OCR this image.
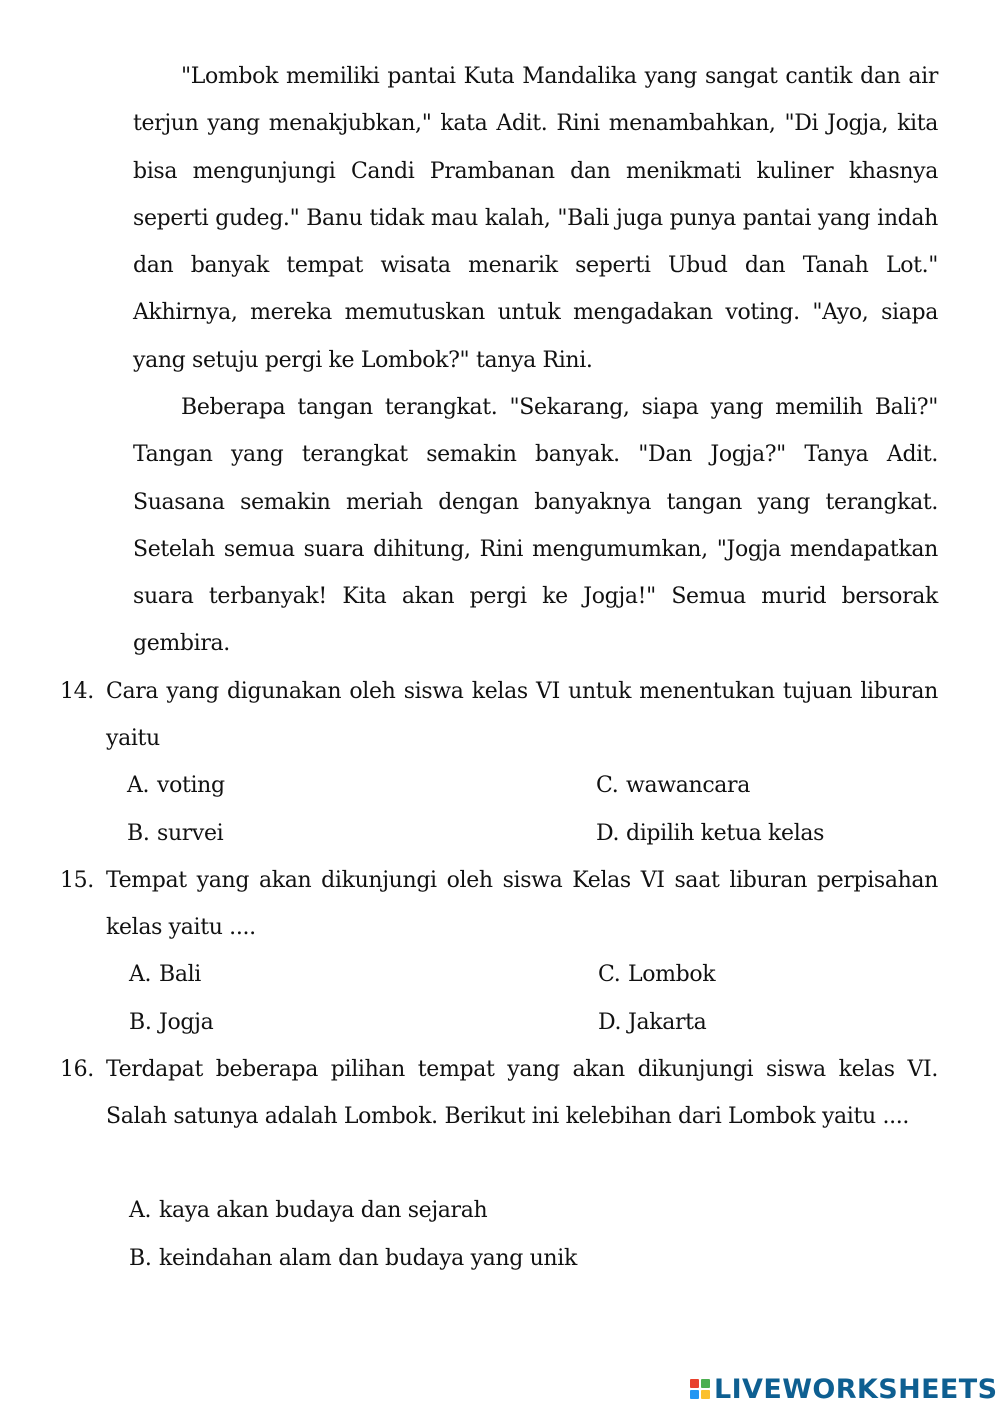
"Lombok memiliki pantai Kuta Mandalika yang sangat cantik dan air terjun yang menakjubkan," kata Adit. Rini menambahkan, "Di Jogja, kita bisa mengunjungi Candi Prambanan dan menikmati kuliner khasnya seperti gudeg." Banu tidak mau kalah, "Bali juga punya pantai yang indah dan banyak tempat wisata menarik seperti Ubud dan Tanah Lot." Akhirnya, mereka memutuskan untuk mengadakan voting. "Ayo, siapa yang setuju pergi ke Lombok?" tanya Rini.

Beberapa tangan terangkat. "Sekarang, siapa yang memilih Bali?" Tangan yang terangkat semakin banyak. "Dan Jogja?" Tanya Adit. Suasana semakin meriah dengan banyaknya tangan yang terangkat. Setelah semua suara dihitung, Rini mengumumkan, "Jogja mendapatkan suara terbanyak! Kita akan pergi ke Jogja!" Semua murid bersorak gembira.

14. Cara yang digunakan oleh siswa kelas VI untuk menentukan tujuan liburan yaitu
A. voting
B. survei
C. wawancara
D. dipilih ketua kelas
15. Tempat yang akan dikunjungi oleh siswa Kelas VI saat liburan perpisahan kelas yaitu ....
A. Bali
B. Jogja
C. Lombok
D. Jakarta
16. Terdapat beberapa pilihan tempat yang akan dikunjungi siswa kelas VI. Salah satunya adalah Lombok. Berikut ini kelebihan dari Lombok yaitu ....
A. kaya akan budaya dan sejarah
B. keindahan alam dan budaya yang unik
LIVEWORKSHEETS
